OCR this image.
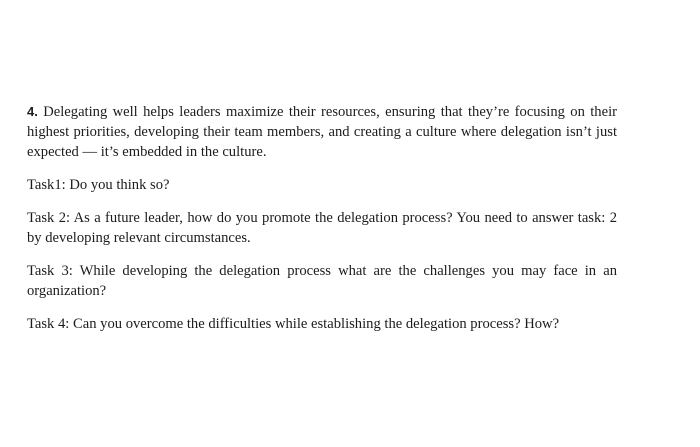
4. Delegating well helps leaders maximize their resources, ensuring that they’re focusing on their highest priorities, developing their team members, and creating a culture where delegation isn’t just expected — it’s embedded in the culture.

Task1: Do you think so?

Task 2: As a future leader, how do you promote the delegation process? You need to answer task: 2 by developing relevant circumstances.

Task 3: While developing the delegation process what are the challenges you may face in an organization?

Task 4: Can you overcome the difficulties while establishing the delegation process? How?
